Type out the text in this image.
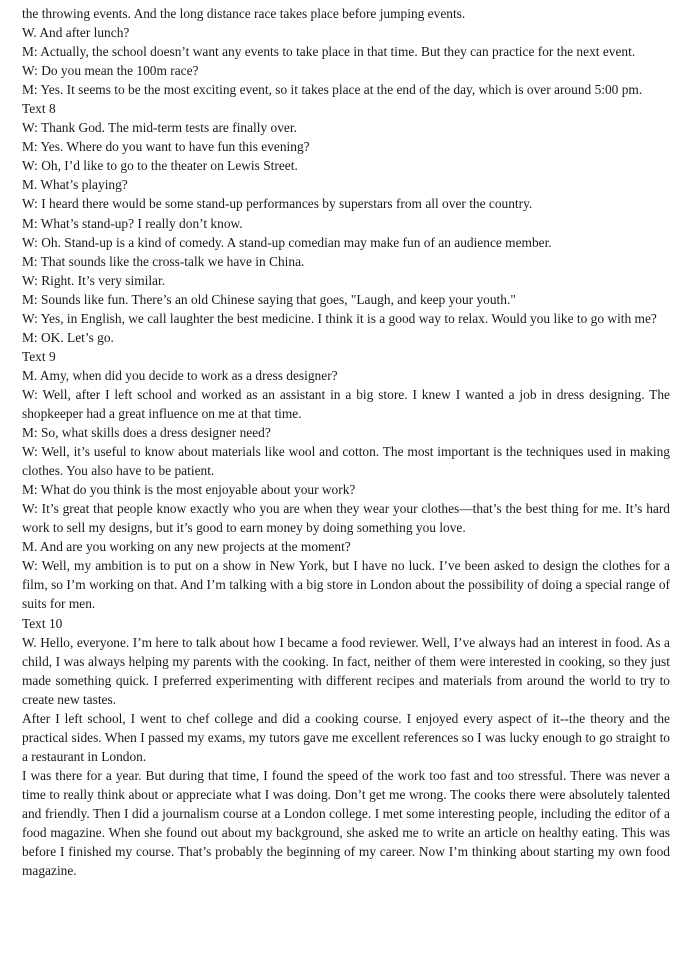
the throwing events. And the long distance race takes place before jumping events.

W. And after lunch?

M: Actually, the school doesn’t want any events to take place in that time. But they can practice for the next event.

W: Do you mean the 100m race?

M: Yes. It seems to be the most exciting event, so it takes place at the end of the day, which is over around 5:00 pm.

Text 8

W: Thank God. The mid-term tests are finally over.

M: Yes. Where do you want to have fun this evening?

W: Oh, I’d like to go to the theater on Lewis Street.

M. What’s playing?

W: I heard there would be some stand-up performances by superstars from all over the country.

M: What’s stand-up? I really don’t know.

W: Oh. Stand-up is a kind of comedy. A stand-up comedian may make fun of an audience member.

M: That sounds like the cross-talk we have in China.

W: Right. It’s very similar.

M: Sounds like fun. There’s an old Chinese saying that goes, "Laugh, and keep your youth."

W: Yes, in English, we call laughter the best medicine. I think it is a good way to relax. Would you like to go with me?

M: OK. Let’s go.

Text 9

M. Amy, when did you decide to work as a dress designer?

W: Well, after I left school and worked as an assistant in a big store. I knew I wanted a job in dress designing. The shopkeeper had a great influence on me at that time.

M: So, what skills does a dress designer need?

W: Well, it’s useful to know about materials like wool and cotton. The most important is the techniques used in making clothes. You also have to be patient.

M: What do you think is the most enjoyable about your work?

W: It’s great that people know exactly who you are when they wear your clothes—that’s the best thing for me. It’s hard work to sell my designs, but it’s good to earn money by doing something you love.

M. And are you working on any new projects at the moment?

W: Well, my ambition is to put on a show in New York, but I have no luck. I’ve been asked to design the clothes for a film, so I’m working on that. And I’m talking with a big store in London about the possibility of doing a special range of suits for men.

Text 10

W. Hello, everyone. I’m here to talk about how I became a food reviewer. Well, I’ve always had an interest in food. As a child, I was always helping my parents with the cooking. In fact, neither of them were interested in cooking, so they just made something quick. I preferred experimenting with different recipes and materials from around the world to try to create new tastes.

After I left school, I went to chef college and did a cooking course. I enjoyed every aspect of it--the theory and the practical sides. When I passed my exams, my tutors gave me excellent references so I was lucky enough to go straight to a restaurant in London.

I was there for a year. But during that time, I found the speed of the work too fast and too stressful. There was never a time to really think about or appreciate what I was doing. Don’t get me wrong. The cooks there were absolutely talented and friendly. Then I did a journalism course at a London college. I met some interesting people, including the editor of a food magazine. When she found out about my background, she asked me to write an article on healthy eating. This was before I finished my course. That’s probably the beginning of my career. Now I’m thinking about starting my own food magazine.
